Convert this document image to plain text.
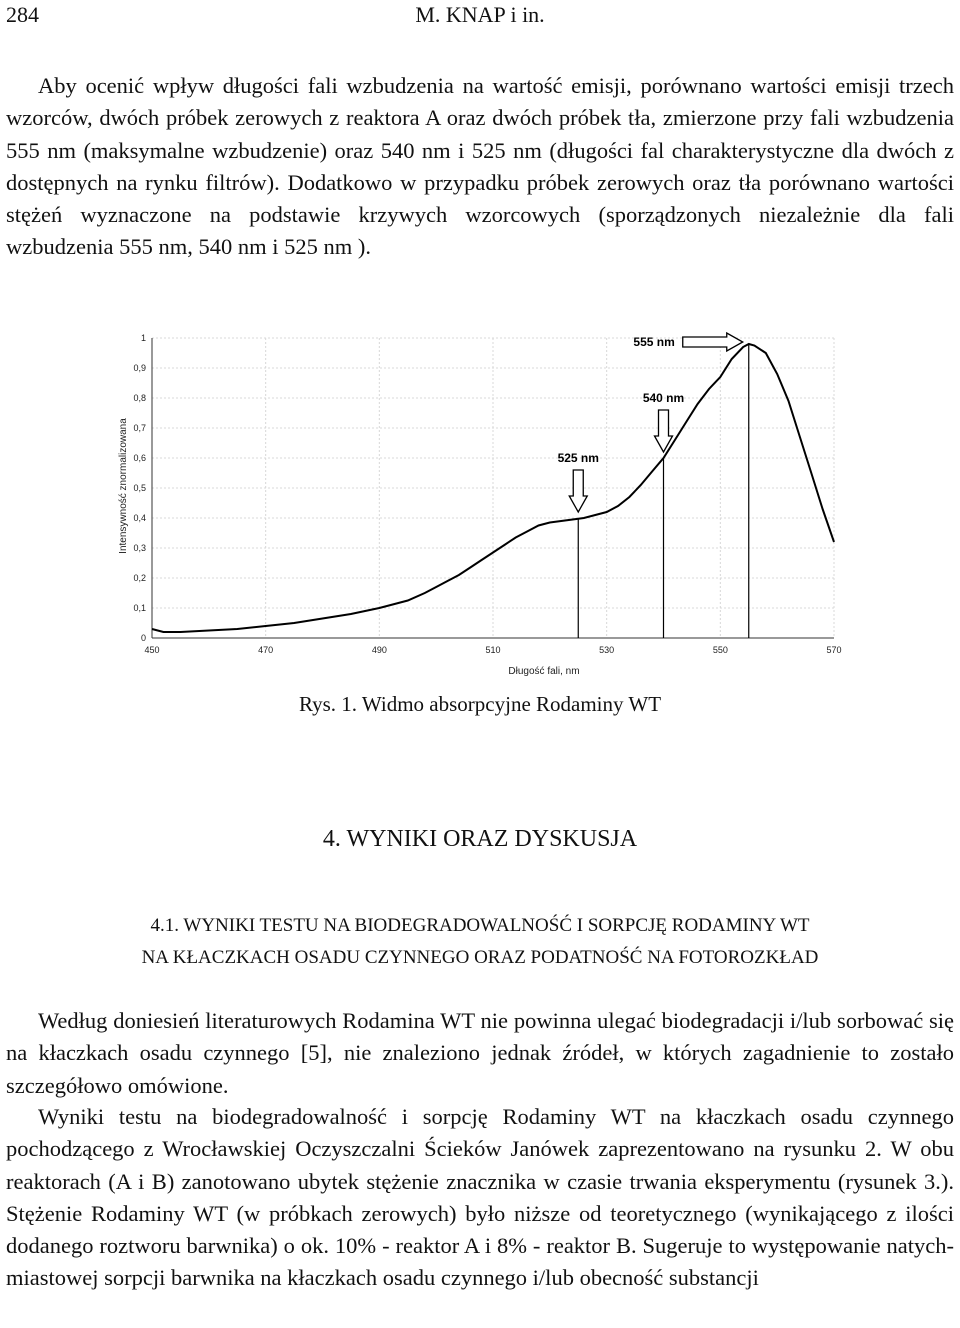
284	M. KNAP i in.

Aby ocenić wpływ długości fali wzbudzenia na wartość emisji, porównano wartości emisji trzech wzorców, dwóch próbek zerowych z reaktora A oraz dwóch próbek tła, zmierzone przy fali wzbudzenia 555 nm (maksymalne wzbudzenie) oraz 540 nm i 525 nm (długości fal charakterystyczne dla dwóch z dostępnych na rynku filtrów). Dodatkowo w przypadku próbek zerowych oraz tła porównano wartości stężeń wyznaczone na podstawie krzywych wzorcowych (sporządzonych niezależnie dla fali wzbudzenia 555 nm, 540 nm i 525 nm ).

0
0,1
0,2
0,3
0,4
0,5
0,6
0,7
0,8
0,9
1
450	470	490	510	530	550	570
555 nm
540 nm
525 nm
Intensywność znormalizowana
Długość fali, nm
Rys. 1. Widmo absorpcyjne Rodaminy WT
4. WYNIKI ORAZ DYSKUSJA
4.1. WYNIKI TESTU NA BIODEGRADOWALNOŚĆ I SORPCJĘ RODAMINY WT
NA KŁACZKACH OSADU CZYNNEGO ORAZ PODATNOŚĆ NA FOTOROZKŁAD

Według doniesień literaturowych Rodamina WT nie powinna ulegać biodegradacji i/lub sorbować się na kłaczkach osadu czynnego [5], nie znaleziono jednak źródeł, w których zagadnienie to zostało szczegółowo omówione.

Wyniki testu na biodegradowalność i sorpcję Rodaminy WT na kłaczkach osadu czynnego pochodzącego z Wrocławskiej Oczyszczalni Ścieków Janówek zaprezentowano na rysunku 2. W obu reaktorach (A i B) zanotowano ubytek stężenie znacznika w czasie trwania eksperymentu (rysunek 3.). Stężenie Rodaminy WT (w próbkach zerowych) było niższe od teoretycznego (wynikającego z ilości dodanego roztworu barwnika) o ok. 10% - reaktor A i 8% - reaktor B. Sugeruje to występowanie natychmiastowej sorpcji barwnika na kłaczkach osadu czynnego i/lub obecność substancji
